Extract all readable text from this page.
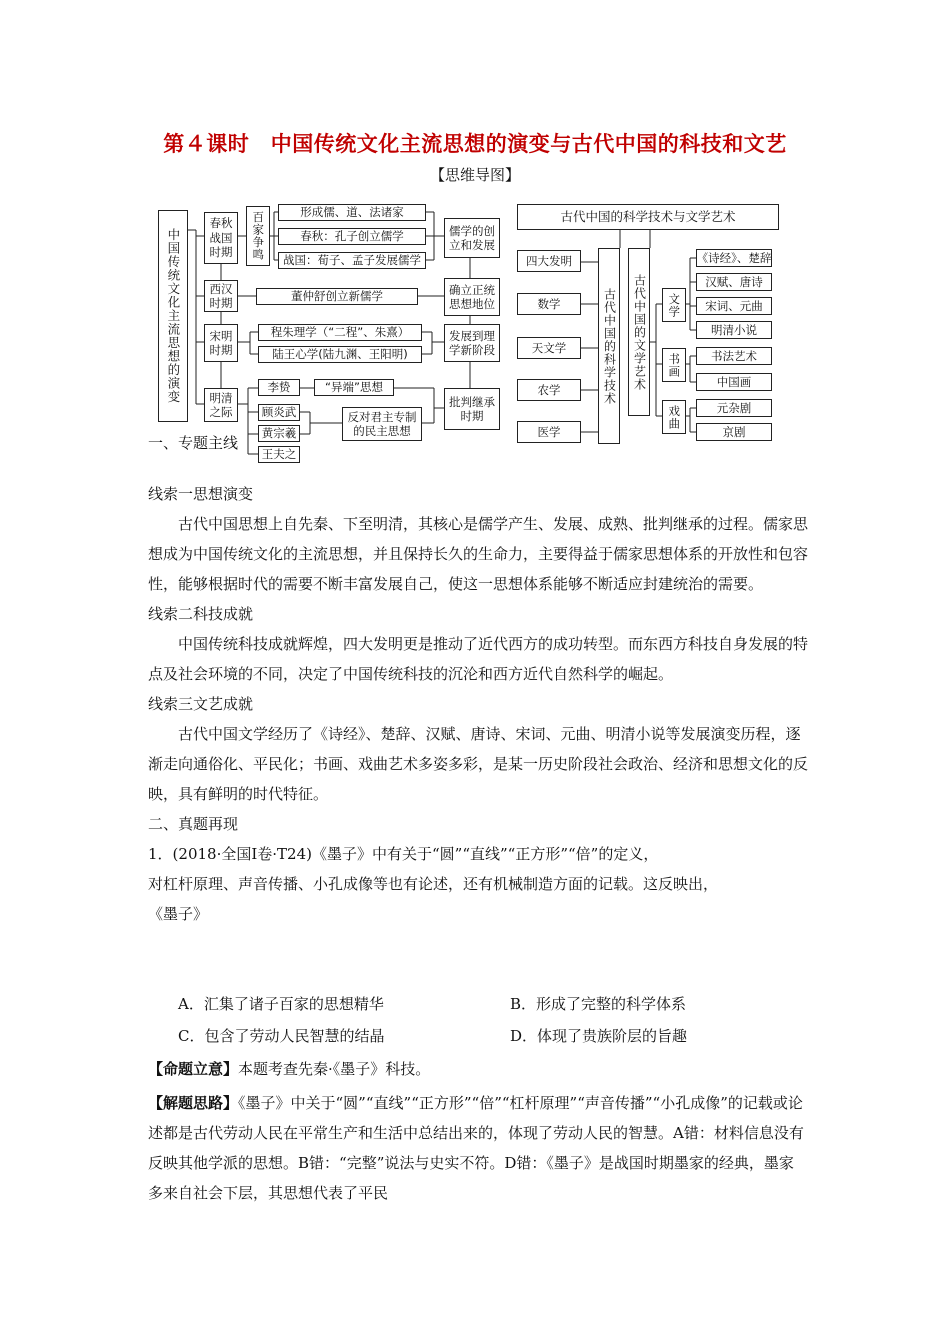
第４课时　中国传统文化主流思想的演变与古代中国的科技和文艺
【思维导图】
中国传统文化主流思想的演变
春秋战国时期
西汉时期
宋明时期
明清之际
百家争鸣	形成儒、道、法诸家
春秋：孔子创立儒学
战国：荀子、孟子发展儒学
董仲舒创立新儒学
程朱理学（“二程”、朱熹）
陆王心学(陆九渊、王阳明)
李贽
顾炎武
黄宗羲
王夫之
“异端”思想
反对君主专制的民主思想
儒学的创立和发展
确立正统思想地位
发展到理学新阶段
批判继承时期
古代中国的科学技术与文学艺术
四大发明
数学
天文学
农学
医学
古代中国的科学技术	古代中国的文学艺术	文学
书画
戏曲
《诗经》、楚辞
汉赋、唐诗
宋词、元曲
明清小说
书法艺术
中国画
元杂剧
京剧

一、专题主线

线索一思想演变

古代中国思想上自先秦、下至明清，其核心是儒学产生、发展、成熟、批判继承的过程。儒家思想成为中国传统文化的主流思想，并且保持长久的生命力，主要得益于儒家思想体系的开放性和包容性，能够根据时代的需要不断丰富发展自己，使这一思想体系能够不断适应封建统治的需要。

线索二科技成就

中国传统科技成就辉煌，四大发明更是推动了近代西方的成功转型。而东西方科技自身发展的特点及社会环境的不同，决定了中国传统科技的沉沦和西方近代自然科学的崛起。

线索三文艺成就

古代中国文学经历了《诗经》、楚辞、汉赋、唐诗、宋词、元曲、明清小说等发展演变历程，逐渐走向通俗化、平民化；书画、戏曲艺术多姿多彩，是某一历史阶段社会政治、经济和思想文化的反映，具有鲜明的时代特征。

二、真题再现

1．(2018·全国Ⅰ卷·T24)《墨子》中有关于“圆”“直线”“正方形”“倍”的定义，

对杠杆原理、声音传播、小孔成像等也有论述，还有机械制造方面的记载。这反映出，

《墨子》

A．汇集了诸子百家的思想精华	B．形成了完整的科学体系
C．包含了劳动人民智慧的结晶	D．体现了贵族阶层的旨趣

【命题立意】本题考查先秦·《墨子》科技。

【解题思路】《墨子》中关于“圆”“直线”“正方形”“倍”“杠杆原理”“声音传播”“小孔成像”的记载或论述都是古代劳动人民在平常生产和生活中总结出来的，体现了劳动人民的智慧。A错：材料信息没有反映其他学派的思想。B错：“完整”说法与史实不符。D错：《墨子》是战国时期墨家的经典，墨家多来自社会下层，其思想代表了平民
